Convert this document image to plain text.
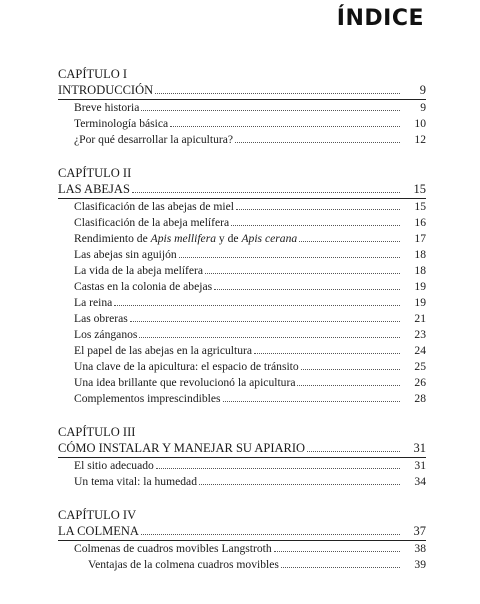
ÍNDICE
CAPÍTULO I
INTRODUCCIÓN	9
Breve historia	9
Terminología básica	10
¿Por qué desarrollar la apicultura?	12
CAPÍTULO II
LAS ABEJAS	15
Clasificación de las abejas de miel	15
Clasificación de la abeja melífera	16
Rendimiento de Apis mellifera y de Apis cerana	17
Las abejas sin aguijón	18
La vida de la abeja melífera	18
Castas en la colonia de abejas	19
La reina	19
Las obreras	21
Los zánganos	23
El papel de las abejas en la agricultura	24
Una clave de la apicultura: el espacio de tránsito	25
Una idea brillante que revolucionó la apicultura	26
Complementos imprescindibles	28
CAPÍTULO III
CÓMO INSTALAR Y MANEJAR SU APIARIO	31
El sitio adecuado	31
Un tema vital: la humedad	34
CAPÍTULO IV
LA COLMENA	37
Colmenas de cuadros movibles Langstroth	38
Ventajas de la colmena cuadros movibles	39
